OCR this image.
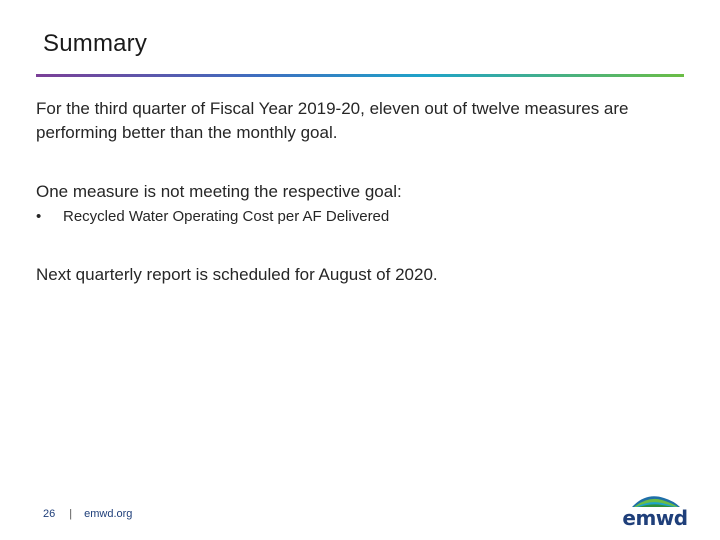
Summary
For the third quarter of Fiscal Year 2019-20, eleven out of twelve measures are performing better than the monthly goal.
One measure is not meeting the respective goal:
•	Recycled Water Operating Cost per AF Delivered
Next quarterly report is scheduled for August of 2020.
26 | emwd.org	emwd
